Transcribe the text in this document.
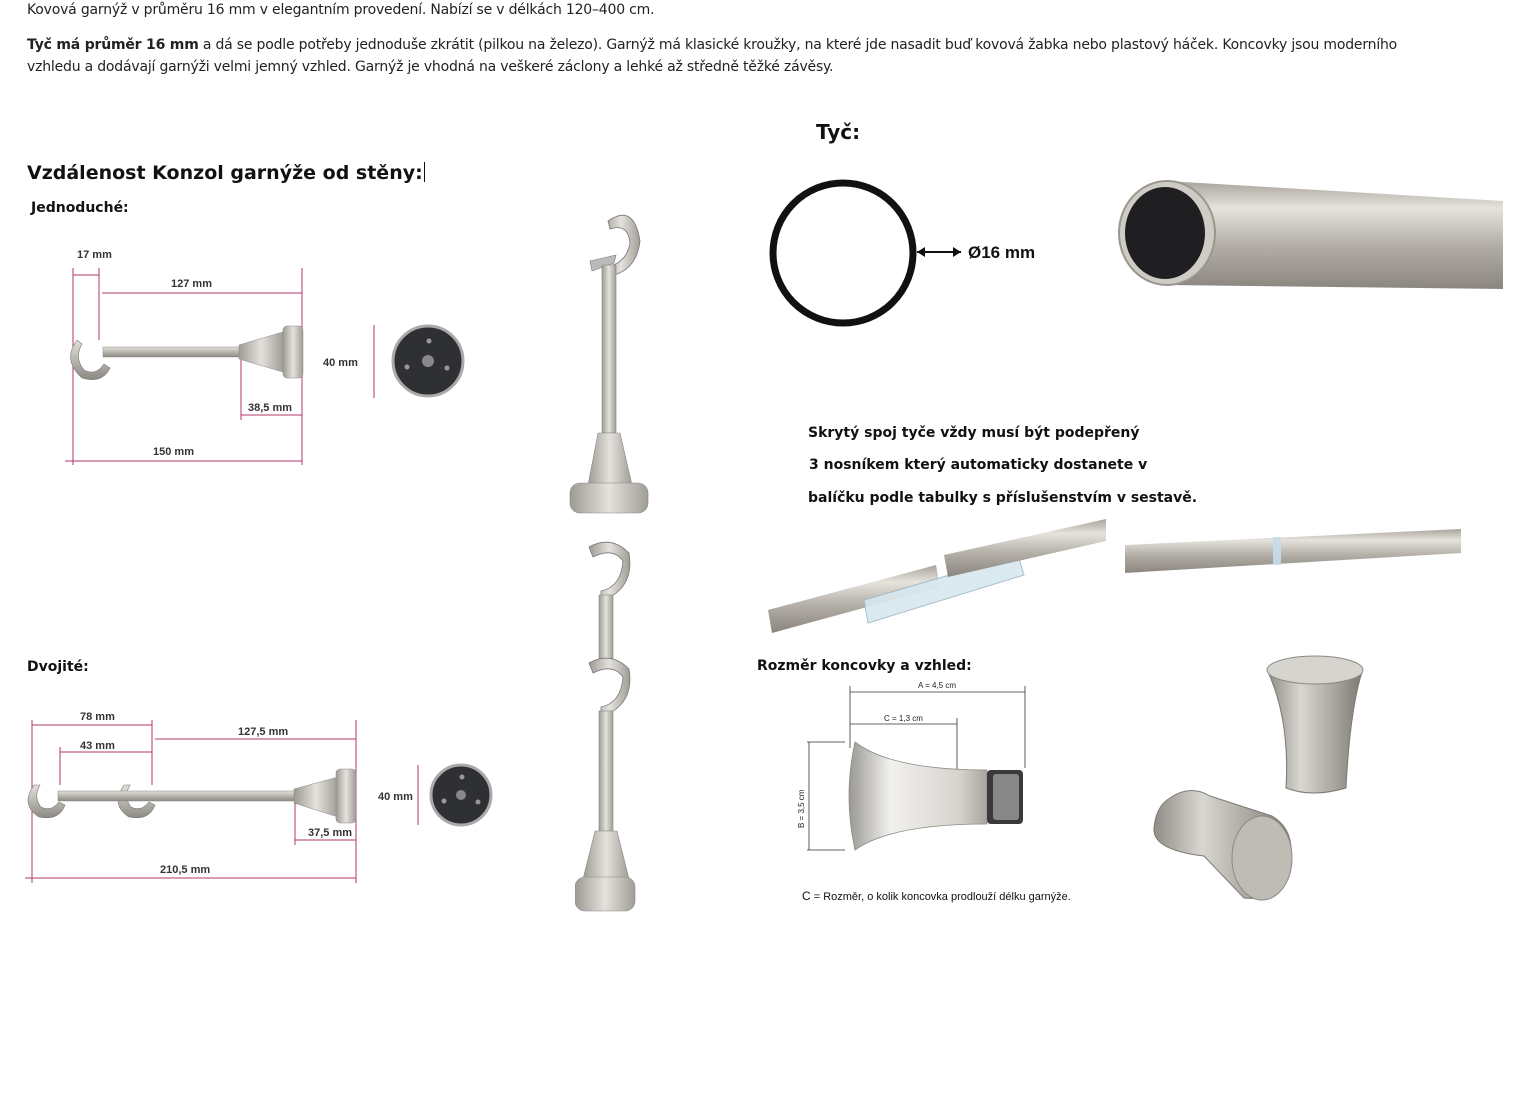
Kovová garnýž v průměru 16 mm v elegantním provedení. Nabízí se v délkách 120–400 cm.
Tyč má průměr 16 mm a dá se podle potřeby jednoduše zkrátit (pilkou na železo). Garnýž má klasické kroužky, na které jde nasadit buď kovová žabka nebo plastový háček. Koncovky jsou moderního vzhledu a dodávají garnýži velmi jemný vzhled. Garnýž je vhodná na veškeré záclony a lehké až středně těžké závěsy.
Tyč:
Vzdálenost Konzol garnýže od stěny:
Jednoduché:
Dvojité:	Rozměr koncovky a vzhled:
17 mm
127 mm
40 mm
38,5 mm
150 mm
78 mm
43 mm
127,5 mm
40 mm
37,5 mm
210,5 mm
Ø16 mm
Skrytý spoj tyče vždy musí být podepřený
3 nosníkem který automaticky dostanete v
balíčku podle tabulky s příslušenstvím v sestavě.
A = 4,5 cm
C = 1,3 cm
B = 3,5 cm
C = Rozměr, o kolik koncovka prodlouží délku garnýže.
